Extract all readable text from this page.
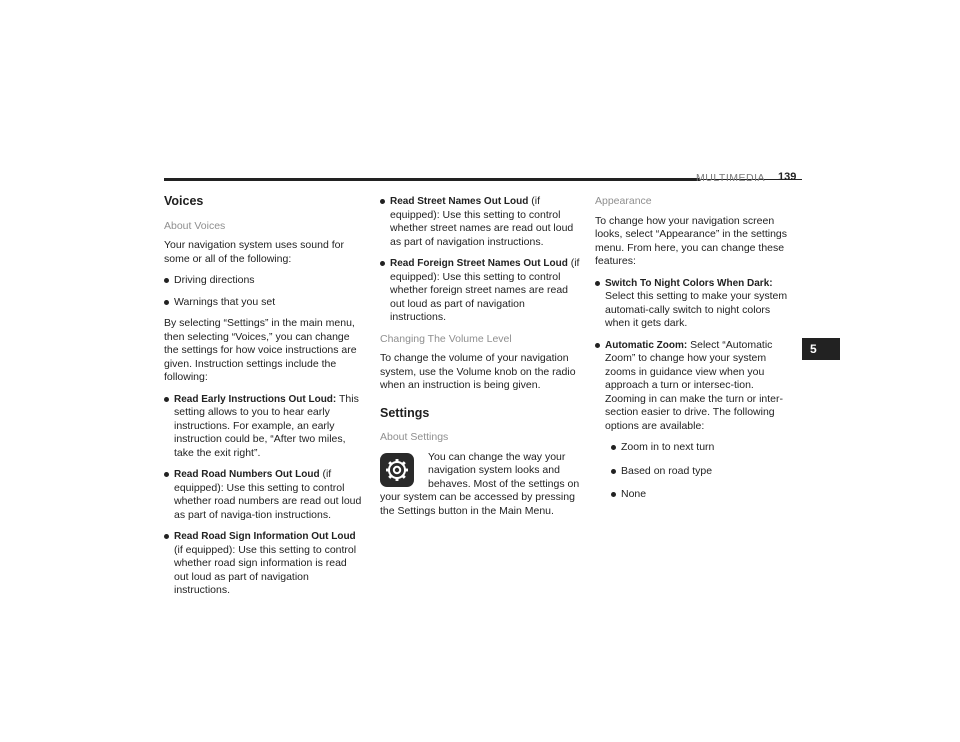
MULTIMEDIA 139
5
Voices
About Voices

Your navigation system uses sound for some or all of the following:

Driving directions
Warnings that you set

By selecting “Settings” in the main menu, then selecting “Voices,” you can change the settings for how voice instructions are given. Instruction settings include the following:

Read Early Instructions Out Loud: This setting allows to you to hear early instructions. For example, an early instruction could be, “After two miles, take the exit right”.
Read Road Numbers Out Loud (if equipped): Use this setting to control whether road numbers are read out loud as part of naviga-tion instructions.
Read Road Sign Information Out Loud (if equipped): Use this setting to control whether road sign information is read out loud as part of navigation instructions.
Read Street Names Out Loud (if equipped): Use this setting to control whether street names are read out loud as part of navigation instructions.
Read Foreign Street Names Out Loud (if equipped): Use this setting to control whether foreign street names are read out loud as part of navigation instructions.
Changing The Volume Level

To change the volume of your navigation system, use the Volume knob on the radio when an instruction is being given.

Settings
About Settings

You can change the way your navigation system looks and behaves. Most of the settings on your system can be accessed by pressing the Settings button in the Main Menu.

Appearance

To change how your navigation screen looks, select “Appearance” in the settings menu. From here, you can change these features:

Switch To Night Colors When Dark: Select this setting to make your system automati-cally switch to night colors when it gets dark.
Automatic Zoom: Select “Automatic Zoom” to change how your system zooms in guidance view when you approach a turn or intersec-tion. Zooming in can make the turn or inter-section easier to drive. The following options are available:
Zoom in to next turn
Based on road type
None
